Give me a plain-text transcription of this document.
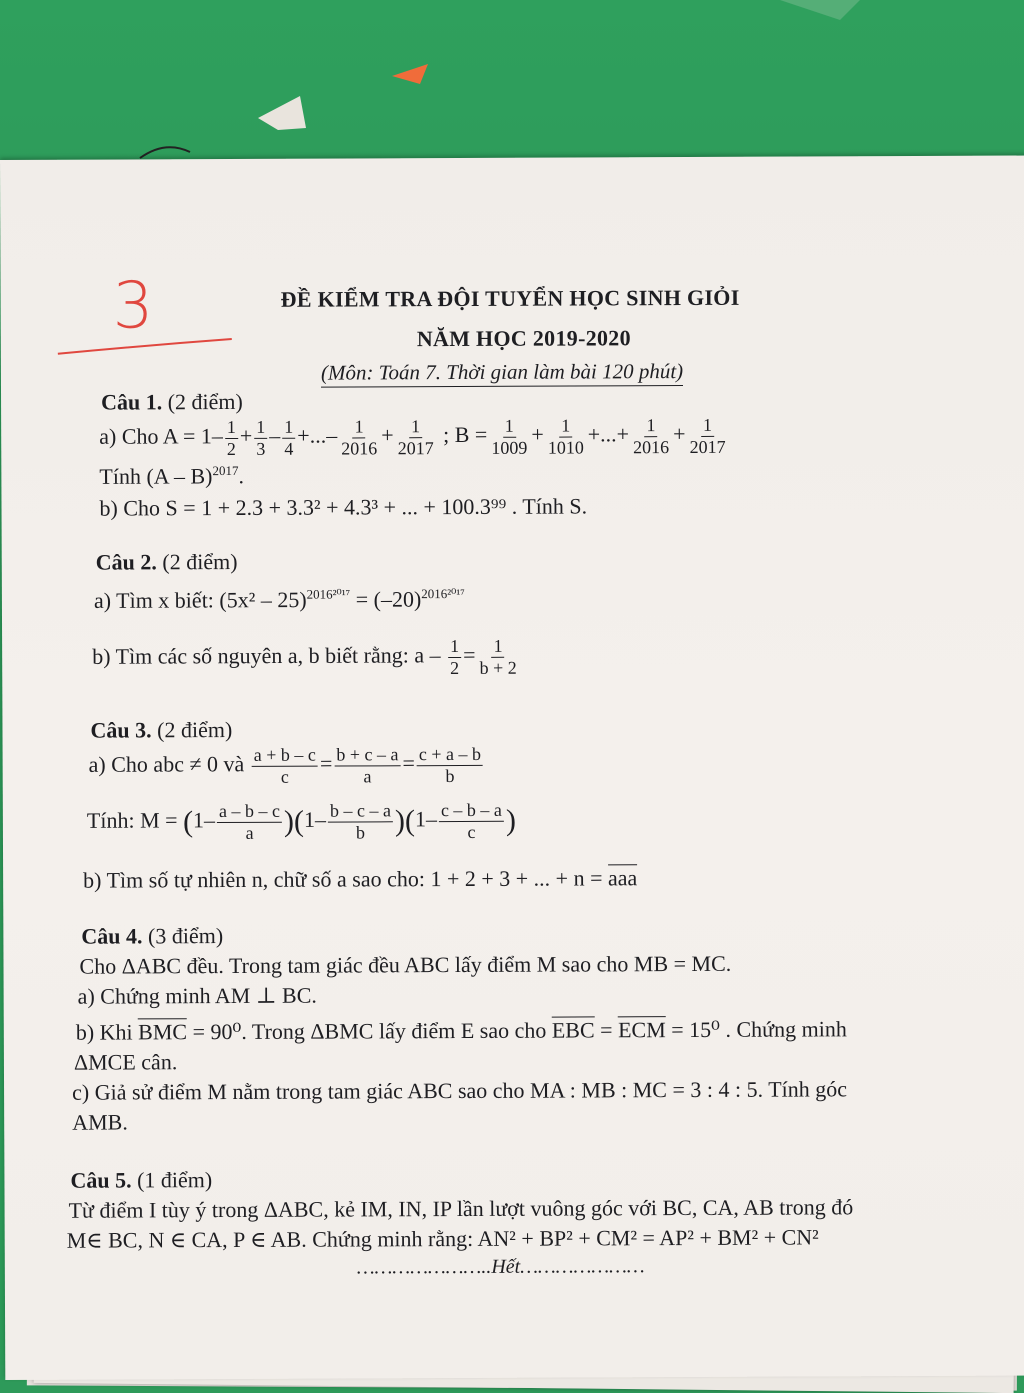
3	ĐỀ KIỂM TRA ĐỘI TUYỂN HỌC SINH GIỎI
NĂM HỌC 2019-2020
(Môn: Toán 7. Thời gian làm bài 120 phút)
Câu 1. (2 điểm)
a) Cho $A = 1- \frac{1}{2} + \frac{1}{3} - \frac{1}{4}$ +...– $\frac{1}{2016} + \frac{1}{2017}$ ; $B = \frac{1}{1009} + \frac{1}{1010}$ +...+ $\frac{1}{2016} + \frac{1}{2017}$
Tính (A – B)$^{2017}$.
b) Cho S = 1 + 2.3 + 3.3² + 4.3³ + ... + 100.3⁹⁹ . Tính S.
Câu 2. (2 điểm)
a) Tìm x biết: $(5x^2 - 25)^{2016^{2017}} = (-20)^{2016^{2017}}$
b) Tìm các số nguyên a, b biết rằng: $a - \frac{1}{2} = \frac{1}{b + 2}$
Câu 3. (2 điểm)
a) Cho abc ≠ 0 và $\frac{a + b - c}{c} = \frac{b + c - a}{a} = \frac{c + a - b}{b}$
Tính: $M = (1- \frac{a - b - c}{a} )(1- \frac{b - c - a}{b} )(1- \frac{c - b - a}{c}$ )
b) Tìm số tự nhiên n, chữ số a sao cho: 1 + 2 + 3 + ... + n = aaa
Câu 4. (3 điểm)
Cho ΔABC đều. Trong tam giác đều ABC lấy điểm M sao cho MB = MC.
a) Chứng minh AM ⊥ BC.
b) Khi BMC = 90⁰. Trong ΔBMC lấy điểm E sao cho EBC = ECM = 15⁰ . Chứng minh
ΔMCE cân.
c) Giả sử điểm M nằm trong tam giác ABC sao cho MA : MB : MC = 3 : 4 : 5. Tính góc
AMB.
Câu 5. (1 điểm)
Từ điểm I tùy ý trong ΔABC, kẻ IM, IN, IP lần lượt vuông góc với BC, CA, AB trong đó
M∈ BC, N ∈ CA, P ∈ AB. Chứng minh rằng: AN² + BP² + CM² = AP² + BM² + CN²
…………………..Hết…………………
